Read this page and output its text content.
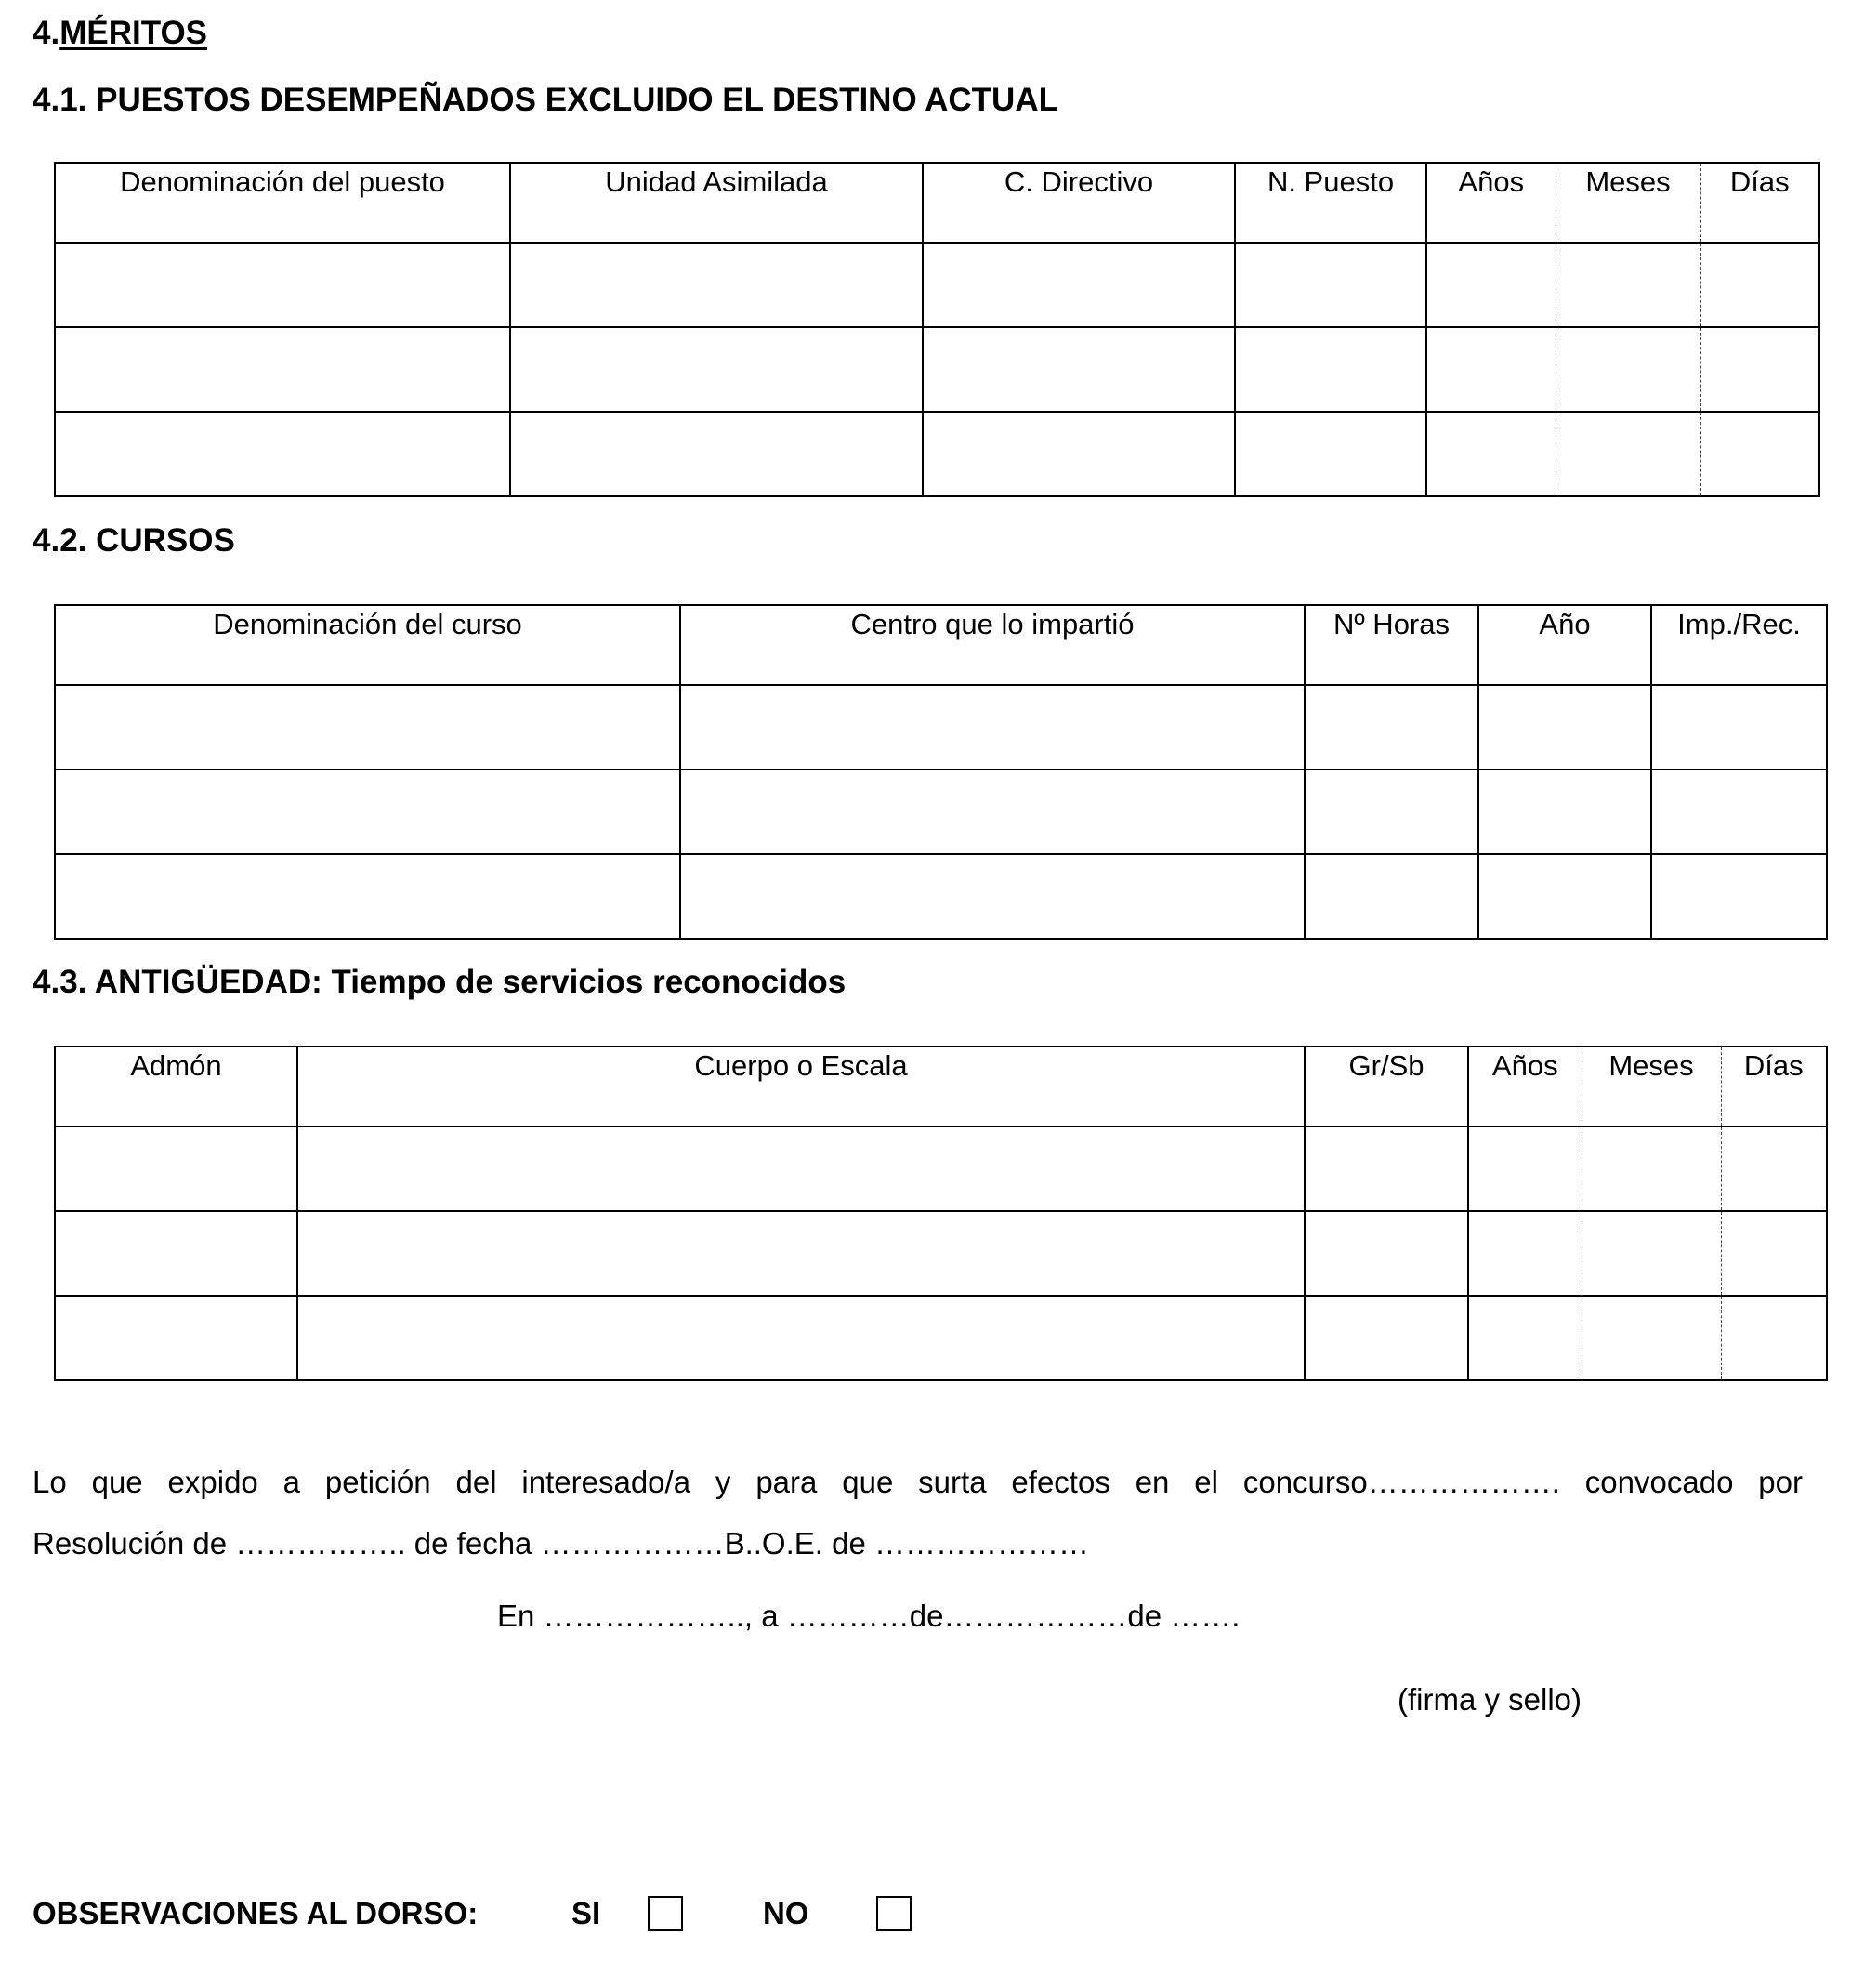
4.MÉRITOS
4.1. PUESTOS DESEMPEÑADOS EXCLUIDO EL DESTINO ACTUAL
Denominación del puesto	Unidad Asimilada	C. Directivo	N. Puesto	Años	Meses	Días

4.2. CURSOS
Denominación del curso	Centro que lo impartió	Nº Horas	Año	Imp./Rec.

4.3. ANTIGÜEDAD: Tiempo de servicios reconocidos
Admón	Cuerpo o Escala	Gr/Sb	Años	Meses	Días

Lo que expido a petición del interesado/a y para que surta efectos en el concurso………………. convocado por
Resolución de …………….. de fecha ………………B..O.E. de …………………
En ……………….., a …………de………………de …….
(firma y sello)
OBSERVACIONES AL DORSO:	SI	NO
